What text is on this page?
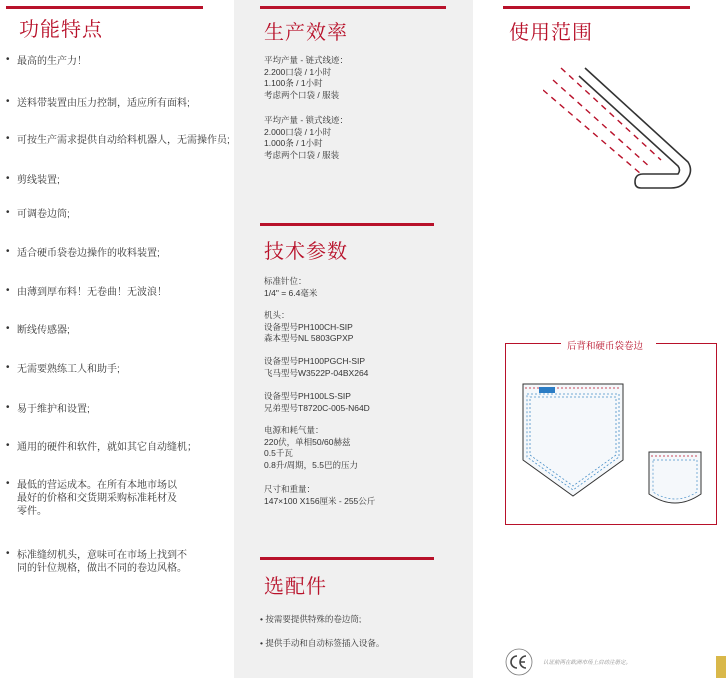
功能特点
• 最高的生产力！
• 送料带装置由压力控制，适应所有面料;
• 可按生产需求提供自动给料机器人，无需操作员;
• 剪线装置;
• 可调卷边筒;
• 适合硬币袋卷边操作的收料装置;
• 由薄到厚布料！无卷曲！无波浪！
• 断线传感器;
• 无需要熟练工人和助手;
• 易于维护和设置;
• 通用的硬件和软件，就如其它自动缝机；
• 最低的营运成本。在所有本地市场以
最好的价格和交货期采购标准耗材及
零件。
• 标准缝纫机头，意味可在市场上找到不
同的针位规格，做出不同的卷边风格。
生产效率
平均产量 - 链式线迹：
2.200口袋 / 1小时
1.100条 / 1小时
考虑两个口袋 / 服装
平均产量 - 锁式线迹：
2.000口袋 / 1小时
1.000条 / 1小时
考虑两个口袋 / 服装
技术参数
标准针位：
1/4" = 6.4毫米
机头：
设备型号PH100CH-SIP
森本型号NL 5803GPXP
设备型号PH100PGCH-SIP
飞马型号W3522P-04BX264
设备型号PH100LS-SIP
兄弟型号T8720C-005-N64D
电源和耗气量：
220伏，单相50/60赫兹
0.5千瓦
0.8升/周期，5.5巴的压力
尺寸和重量：
147×100 X156厘米 - 255公斤
选配件
• 按需要提供特殊的卷边筒;
• 提供手动和自动标签插入设备。
使用范围
后背和硬币袋卷边
认证前两在欧洲市场上启动注册定。
